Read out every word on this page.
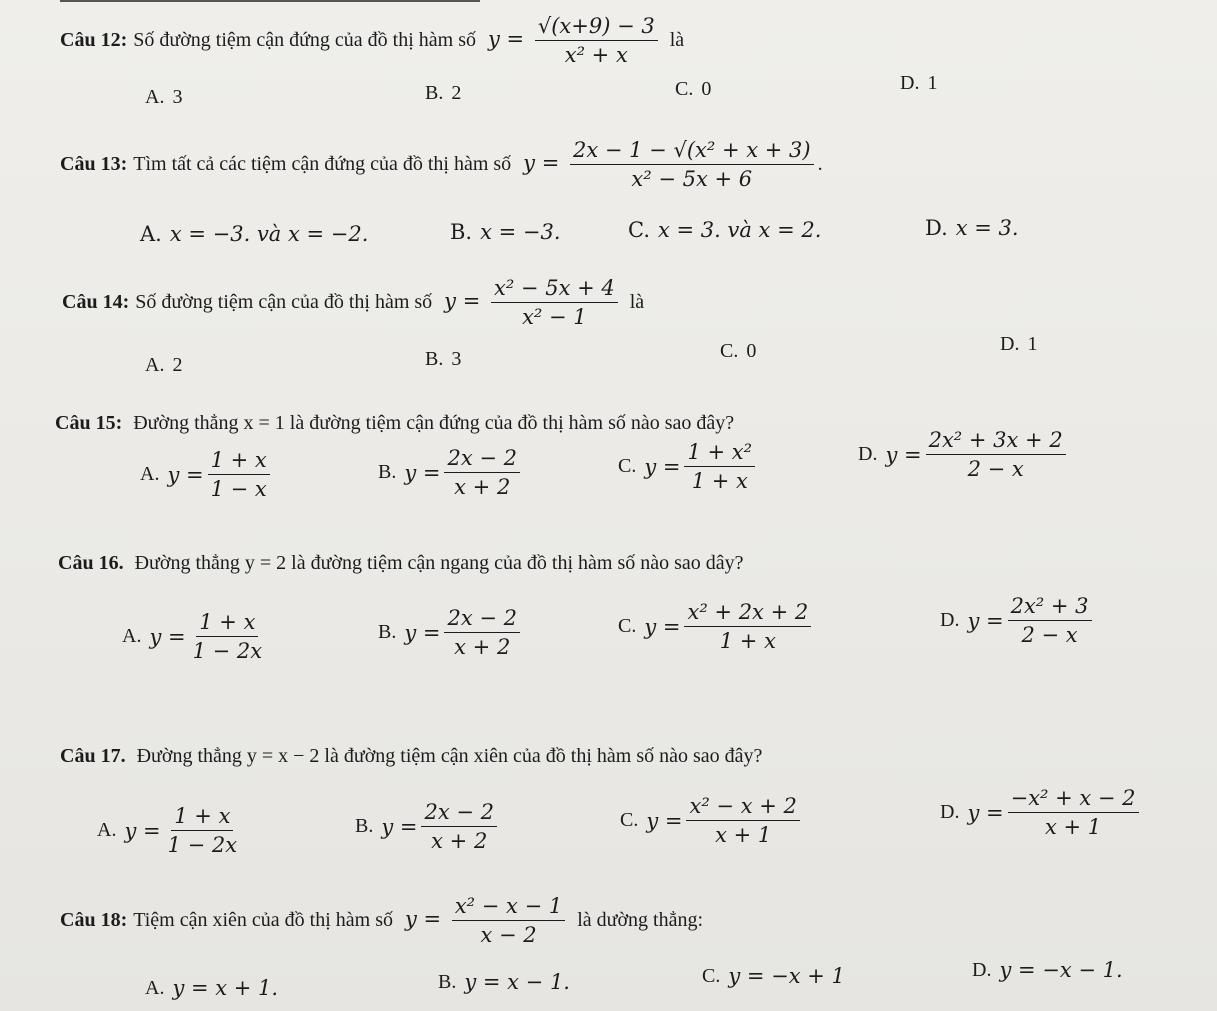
Câu 12: Số đường tiệm cận đứng của đồ thị hàm số $y = \frac{√(x+9) - 3}{\text{x² + x}}$ là
A. 3	B. 2	C. 0	D. 1
Câu 13: Tìm tất cả các tiệm cận đứng của đồ thị hàm số $y = \frac{\text{2x − 1 − √(x² + x + 3)}}{\text{x² − 5x + 6}}$ .
A. x = −3. và x = −2.	B. x = −3.	C. x = 3. và x = 2.	D. x = 3.
Câu 14: Số đường tiệm cận của đồ thị hàm số $y = \frac{\text{x² − 5x + 4}}{\text{x² − 1}}$ là
A. 2	B. 3	C. 0	D. 1
Câu 15: Đường thẳng x = 1 là đường tiệm cận đứng của đồ thị hàm số nào sao đây?
A. $y = \frac{1 + x}{1 - x}$	B. $y = \frac{2x - 2}{x + 2}$	C. $y = \frac{\text{1 + x²}}{1 + x}$	D. $y = \frac{\text{2x² + 3x + 2}}{2 - x}$
Câu 16. Đường thẳng y = 2 là đường tiệm cận ngang của đồ thị hàm số nào sao dây?
A. $y = \frac{1 + x}{1 - 2x}$	B. $y = \frac{2x - 2}{x + 2}$	C. $y = \frac{\text{x² + 2x + 2}}{1 + x}$	D. $y = \frac{\text{2x² + 3}}{2 - x}$
Câu 17. Đường thẳng y = x − 2 là đường tiệm cận xiên của đồ thị hàm số nào sao đây?
A. $y = \frac{1 + x}{1 - 2x}$	B. $y = \frac{2x - 2}{x + 2}$	C. $y = \frac{\text{x² − x + 2}}{x + 1}$	D. $y = \frac{\text{−x² + x − 2}}{x + 1}$
Câu 18: Tiệm cận xiên của đồ thị hàm số $y = \frac{\text{x² − x − 1}}{x - 2}$ là dường thẳng:
A. y = x + 1.	B. y = x − 1.	C. y = −x + 1	D. y = −x − 1.
